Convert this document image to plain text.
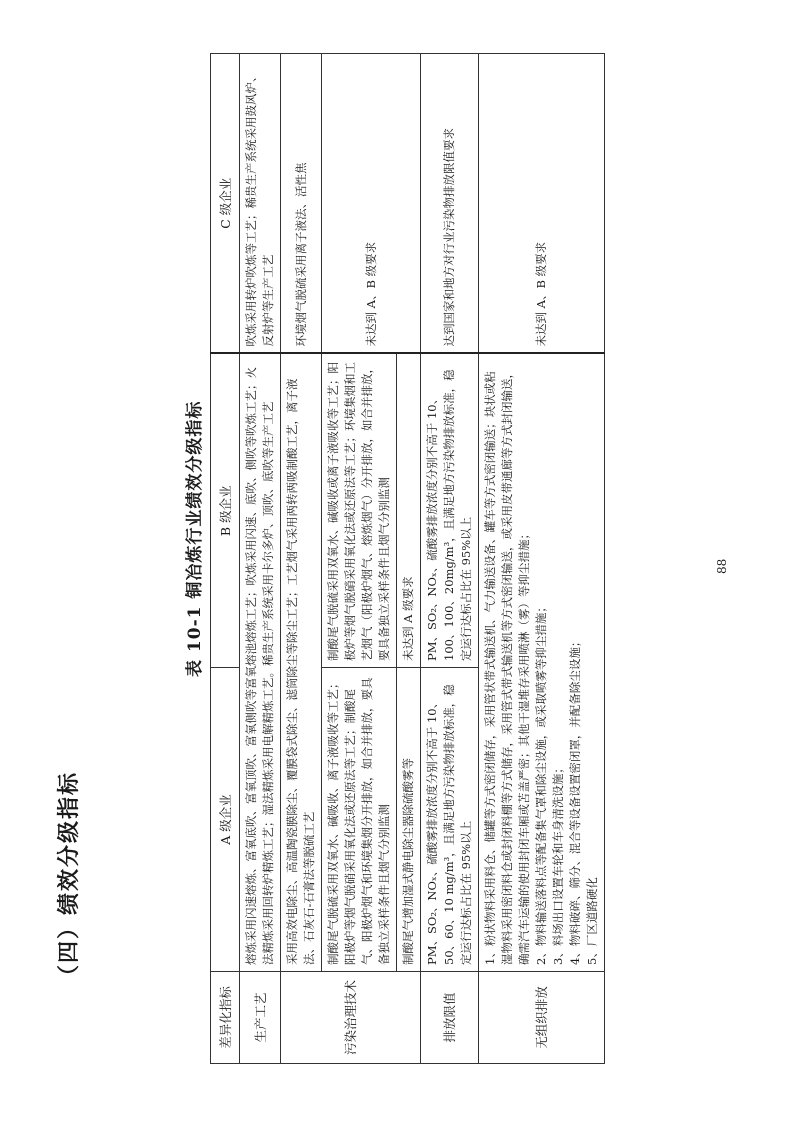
（四）绩效分级指标
表 10-1 铜冶炼行业绩效分级指标
差异化指标	A 级企业	B 级企业	C 级企业
生产工艺	熔炼采用闪速熔炼、富氧底吹、富氧顶吹、富氧侧吹等富氧熔池熔炼工艺；吹炼采用闪速、底吹、侧吹等吹炼工艺；火法精炼采用回转炉精炼工艺；湿法精炼采用电解精炼工艺。稀贵生产系统采用卡尔多炉、顶吹、底吹等生产工艺		吹炼采用转炉吹炼等工艺；稀贵生产系统采用鼓风炉、反射炉等生产工艺
污染治理技术	采用高效电除尘、高温陶瓷膜除尘、覆膜袋式除尘、滤筒除尘等除尘工艺；工艺烟气采用两转两吸制酸工艺，离子液法、石灰石-石膏法等脱硫工艺		环境烟气脱硫采用离子液法、活性焦
	制酸尾气脱硫采用双氧水、碱吸收、离子液吸收等工艺；阳极炉等烟气脱硝采用氧化法或还原法等工艺；制酸尾气、阳极炉烟气和环境集烟分开排放，如合并排放，要具备独立采样条件且烟气分别监测	制酸尾气脱硫采用双氧水、碱吸收或离子液吸收等工艺；阳极炉等烟气脱硝采用氧化法或还原法等工艺；环境集烟和工艺烟气（阳极炉烟气、熔炼烟气）分开排放，如合并排放，要具备独立采样条件且烟气分别监测	未达到 A、B 级要求
	制酸尾气增加湿式静电除尘器除硫酸雾等	未达到 A 级要求	
排放限值	PM、SO₂、NOₓ、硫酸雾排放浓度分别不高于 10、50、60、10 mg/m³，且满足地方污染物排放标准，稳定运行达标占比在 95%以上	PM、SO₂、NOₓ、硫酸雾排放浓度分别不高于 10、100、100、20mg/m³，且满足地方污染物排放标准，稳定运行达标占比在 95%以上	达到国家和地方对行业污染物排放限值要求
无组织排放	1、粉状物料采用料仓、储罐等方式密闭储存，采用管状带式输送机、气力输送设备、罐车等方式密闭输送；块状或粘湿物料采用密闭料仓或封闭料棚等方式储存，采用管式带式输送机等方式密闭输送，或采用皮带通廊等方式封闭输送，确需汽车运输的使用封闭车厢或苫盖严密；其他干湿堆存采用喷淋（雾）等抑尘措施； 2、物料输送落料点等配备集气罩和除尘设施，或采取喷雾等抑尘措施； 3、料场出口设置车轮和车身清洗设施； 4、物料破碎、筛分、混合等设备设置密闭罩，并配备除尘设施； 5、厂区道路硬化		未达到 A、B 级要求
88
